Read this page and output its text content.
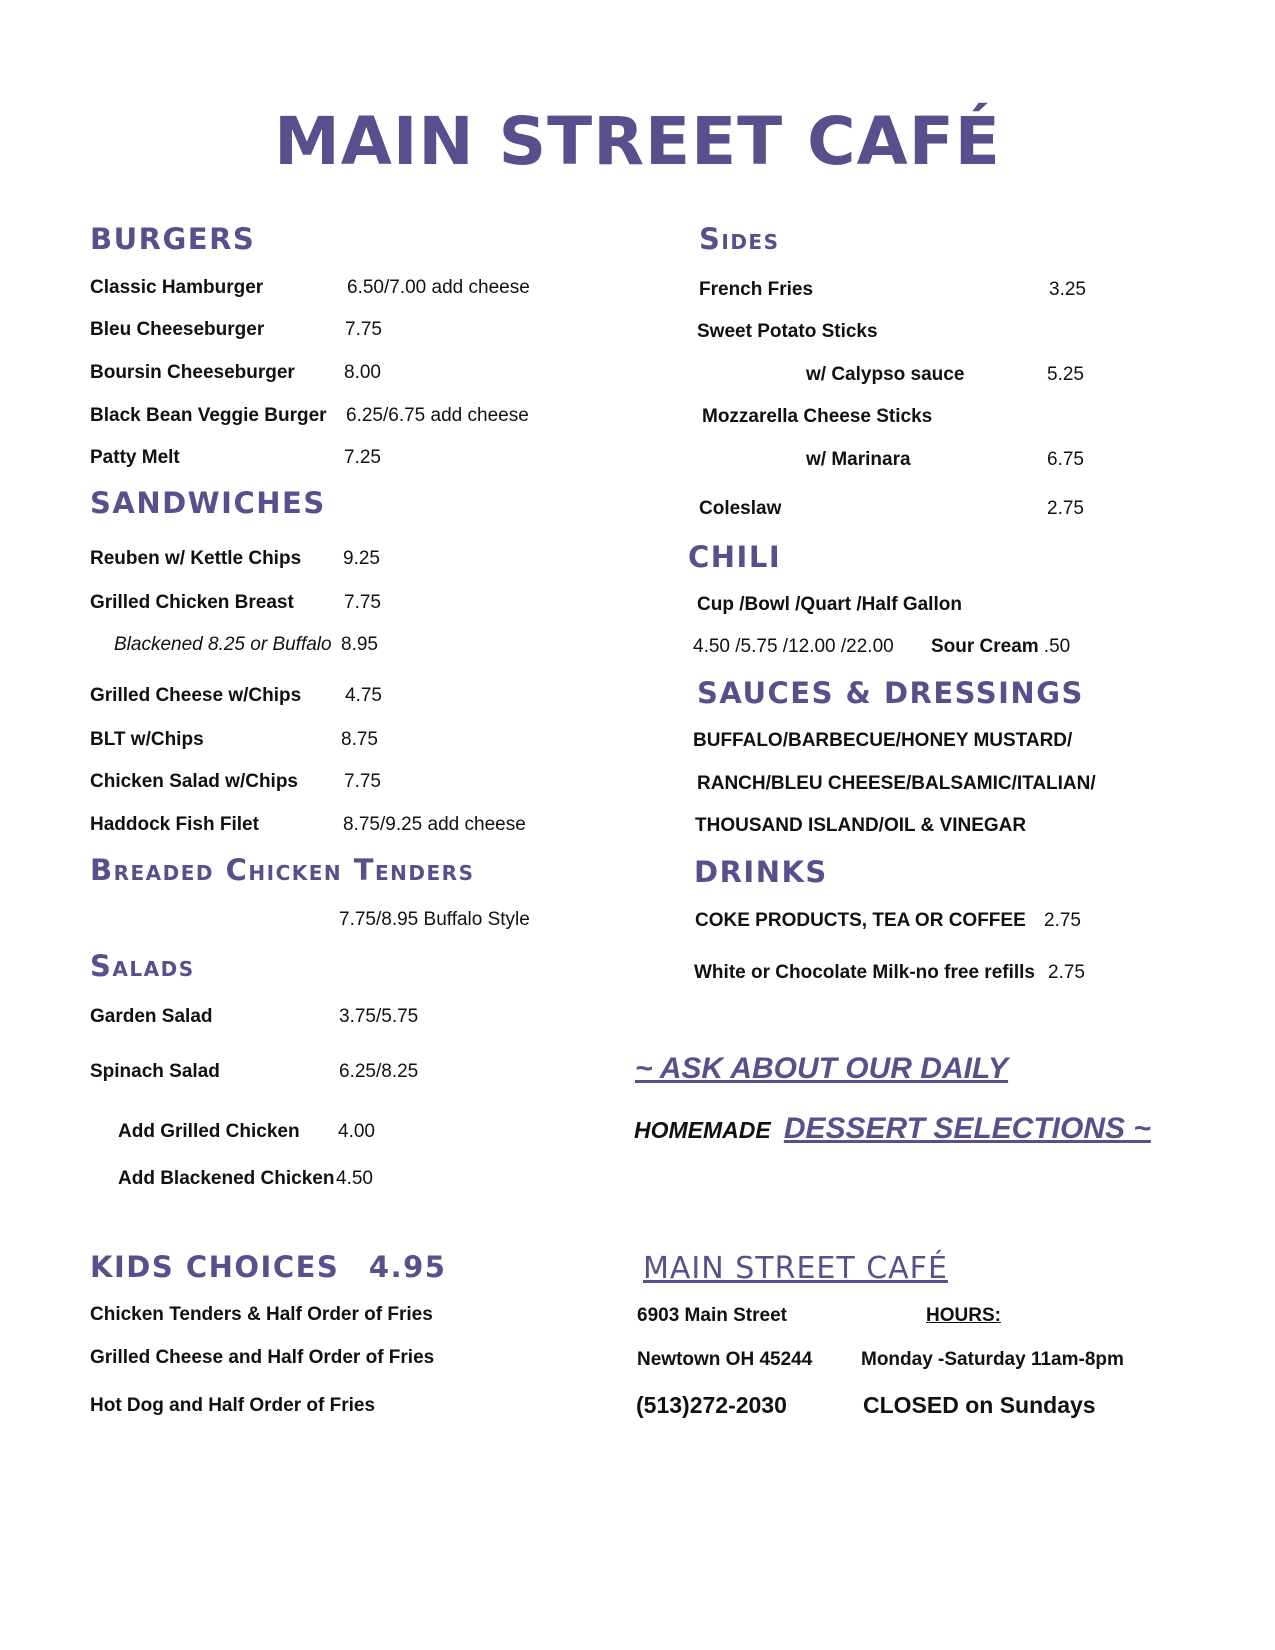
MAIN STREET CAFÉ
BURGERS
Classic Hamburger	6.50/7.00 add cheese
Bleu Cheeseburger	7.75
Boursin Cheeseburger	8.00
Black Bean Veggie Burger 6.25/6.75 add cheese
Patty Melt	7.25
SANDWICHES
Reuben w/ Kettle Chips 9.25
Grilled Chicken Breast	7.75
Blackened 8.25 or Buffalo 8.95
Grilled Cheese w/Chips 4.75
BLT w/Chips	8.75
Chicken Salad w/Chips 7.75
Haddock Fish Filet	8.75/9.25 add cheese
Breaded Chicken Tenders
7.75/8.95 Buffalo Style
Salads
Garden Salad	3.75/5.75
Spinach Salad	6.25/8.25
Add Grilled Chicken 4.00
Add Blackened Chicken 4.50
KIDS CHOICES 4.95
Chicken Tenders & Half Order of Fries
Grilled Cheese and Half Order of Fries
Hot Dog and Half Order of Fries
Sides
French Fries	3.25
Sweet Potato Sticks
w/ Calypso sauce	5.25
Mozzarella Cheese Sticks
w/ Marinara	6.75
Coleslaw	2.75
CHILI
Cup /Bowl /Quart /Half Gallon
4.50 /5.75 /12.00 /22.00 Sour Cream .50
SAUCES & DRESSINGS
BUFFALO/BARBECUE/HONEY MUSTARD/
RANCH/BLEU CHEESE/BALSAMIC/ITALIAN/
THOUSAND ISLAND/OIL & VINEGAR
DRINKS
COKE PRODUCTS, TEA OR COFFEE 2.75
White or Chocolate Milk-no free refills 2.75
~ ASK ABOUT OUR DAILY
HOMEMADE DESSERT SELECTIONS ~
MAIN STREET CAFÉ
6903 Main Street	HOURS:
Newtown OH 45244	Monday -Saturday 11am-8pm
(513)272-2030	CLOSED on Sundays
